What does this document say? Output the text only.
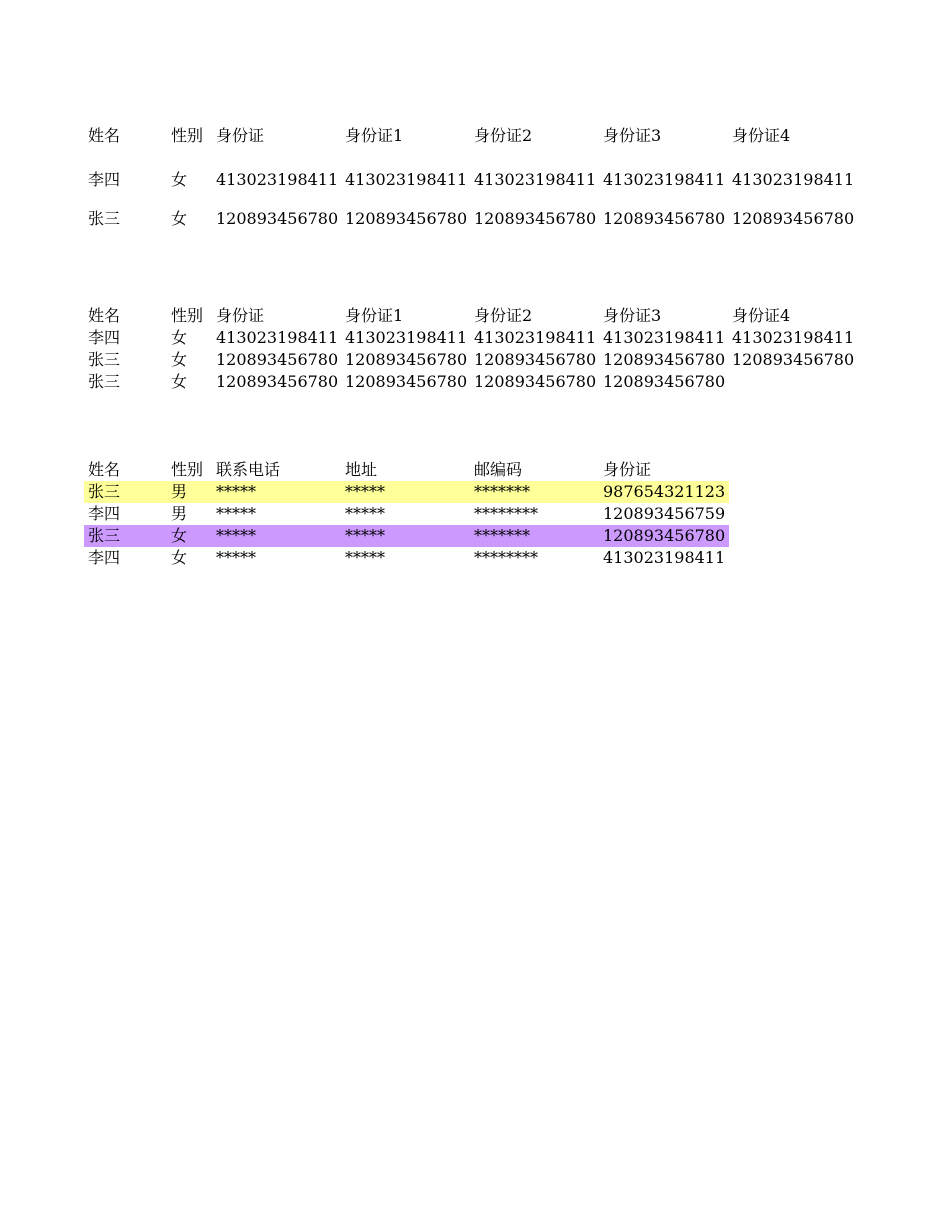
姓名	性别 身份证	身份证1	身份证2	身份证3	身份证4
李四	女 413023198411 413023198411 413023198411 413023198411 413023198411
张三	女 120893456780 120893456780 120893456780 120893456780 120893456780
姓名	性别 身份证	身份证1	身份证2	身份证3	身份证4
李四	女 413023198411 413023198411 413023198411 413023198411 413023198411
张三	女 120893456780 120893456780 120893456780 120893456780 120893456780
张三	女 120893456780 120893456780 120893456780 120893456780
姓名	性别 联系电话	地址	邮编码	身份证
张三	男 *****	*****	*******	987654321123
李四	男 *****	*****	********	120893456759
张三	女 *****	*****	*******	120893456780
李四	女 *****	*****	********	413023198411
